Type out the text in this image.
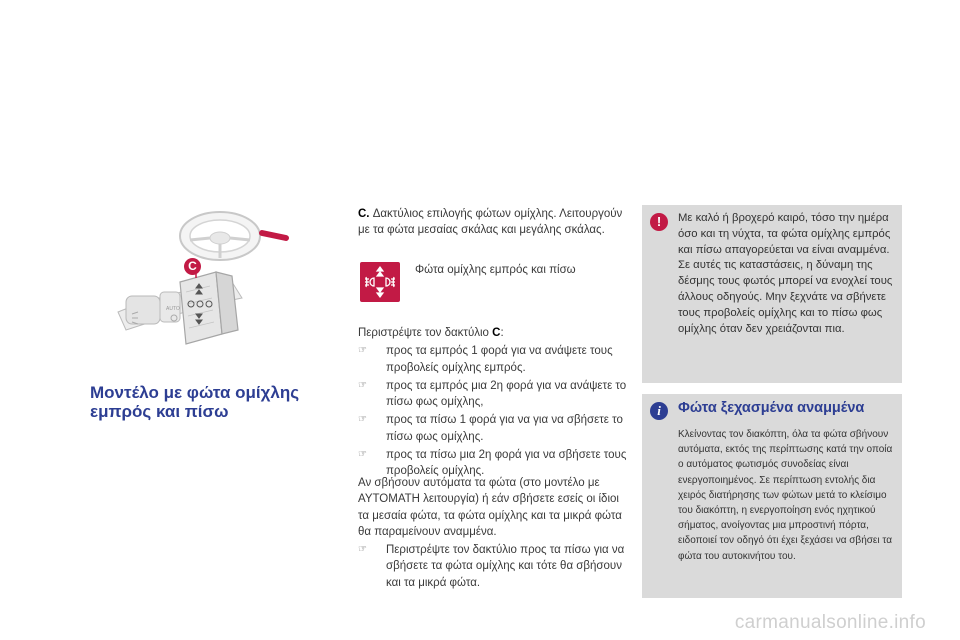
AUTO
C
Μοντέλο με φώτα ομίχλης εμπρός και πίσω

C. Δακτύλιος επιλογής φώτων ομίχλης. Λειτουργούν με τα φώτα μεσαίας σκάλας και μεγάλης σκάλας.

Φώτα ομίχλης εμπρός και πίσω

Περιστρέψτε τον δακτύλιο C:

☞ προς τα εμπρός 1 φορά για να ανάψετε τους προβολείς ομίχλης εμπρός.
☞ προς τα εμπρός μια 2η φορά για να ανάψετε το πίσω φως ομίχλης,
☞ προς τα πίσω 1 φορά για να για να σβήσετε το πίσω φως ομίχλης.
☞ προς τα πίσω μια 2η φορά για να σβήσετε τους προβολείς ομίχλης.

Αν σβήσουν αυτόματα τα φώτα (στο μοντέλο με ΑΥΤΟΜΑΤΗ λειτουργία) ή εάν σβήσετε εσείς οι ίδιοι τα μεσαία φώτα, τα φώτα ομίχλης και τα μικρά φώτα θα παραμείνουν αναμμένα.

☞ Περιστρέψτε τον δακτύλιο προς τα πίσω για να σβήσετε τα φώτα ομίχλης και τότε θα σβήσουν και τα μικρά φώτα.
!	Με καλό ή βροχερό καιρό, τόσο την ημέρα όσο και τη νύχτα, τα φώτα ομίχλης εμπρός και πίσω απαγορεύεται να είναι αναμμένα. Σε αυτές τις καταστάσεις, η δύναμη της δέσμης τους φωτός μπορεί να ενοχλεί τους άλλους οδηγούς. Μην ξεχνάτε να σβήνετε τους προβολείς ομίχλης και το πίσω φως ομίχλης όταν δεν χρειάζονται πια.

i	Φώτα ξεχασμένα αναμμένα

Κλείνοντας τον διακόπτη, όλα τα φώτα σβήνουν αυτόματα, εκτός της περίπτωσης κατά την οποία ο αυτόματος φωτισμός συνοδείας είναι ενεργοποιημένος. Σε περίπτωση εντολής δια χειρός διατήρησης των φώτων μετά το κλείσιμο του διακόπτη, η ενεργοποίηση ενός ηχητικού σήματος, ανοίγοντας μια μπροστινή πόρτα, ειδοποιεί τον οδηγό ότι έχει ξεχάσει να σβήσει τα φώτα του αυτοκινήτου του.

carmanualsonline.info
